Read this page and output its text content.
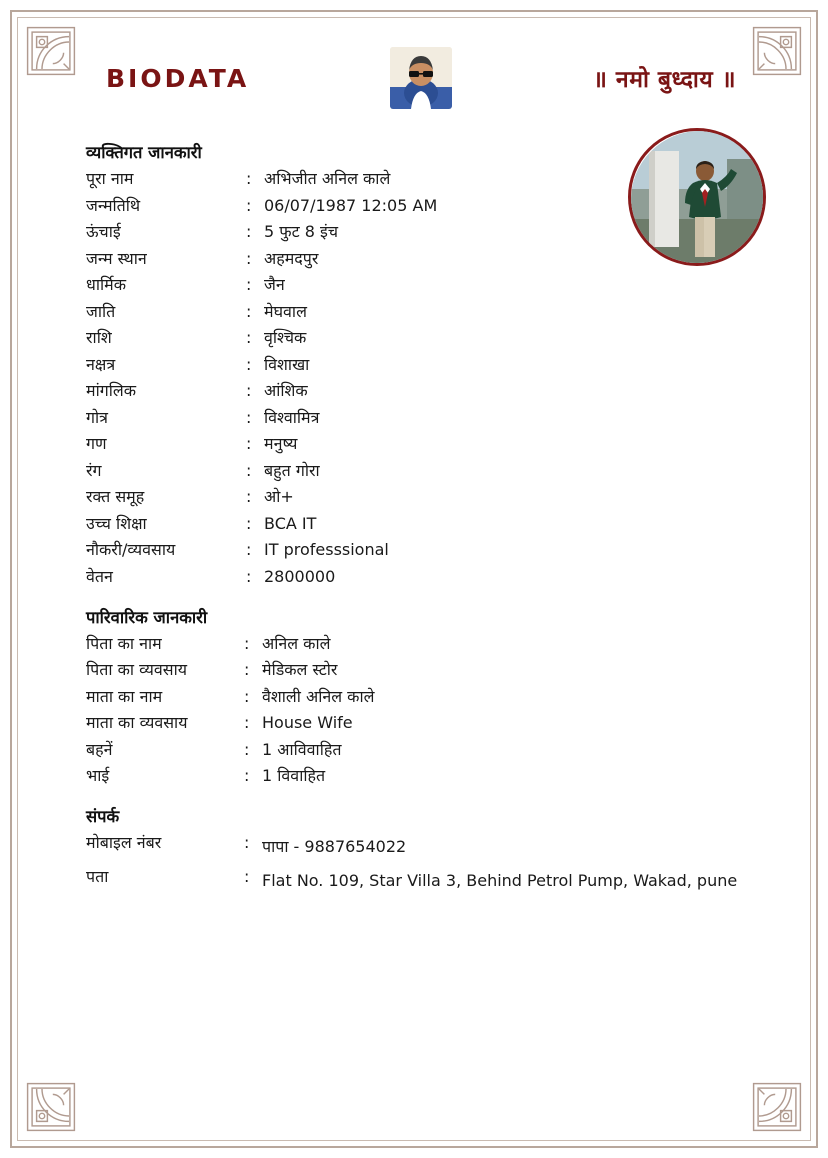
BIODATA	॥ नमो बुध्दाय ॥
व्यक्तिगत जानकारी
पूरा नाम	: अभिजीत अनिल काले
जन्मतिथि	: 06/07/1987 12:05 AM
ऊंचाई	: 5 फुट 8 इंच
जन्म स्थान	: अहमदपुर
धार्मिक	: जैन
जाति	: मेघवाल
राशि	: वृश्चिक
नक्षत्र	: विशाखा
मांगलिक	: आंशिक
गोत्र	: विश्वामित्र
गण	: मनुष्य
रंग	: बहुत गोरा
रक्त समूह	: ओ+
उच्च शिक्षा	: BCA IT
नौकरी/व्यवसाय	: IT professsional
वेतन	: 2800000
पारिवारिक जानकारी
पिता का नाम	: अनिल काले
पिता का व्यवसाय	: मेडिकल स्टोर
माता का नाम	: वैशाली अनिल काले
माता का व्यवसाय	: House Wife
बहनें	: 1 आविवाहित
भाई	: 1 विवाहित
संपर्क
मोबाइल नंबर	: पापा - 9887654022
पता	: Flat No. 109, Star Villa 3, Behind Petrol Pump, Wakad, pune
